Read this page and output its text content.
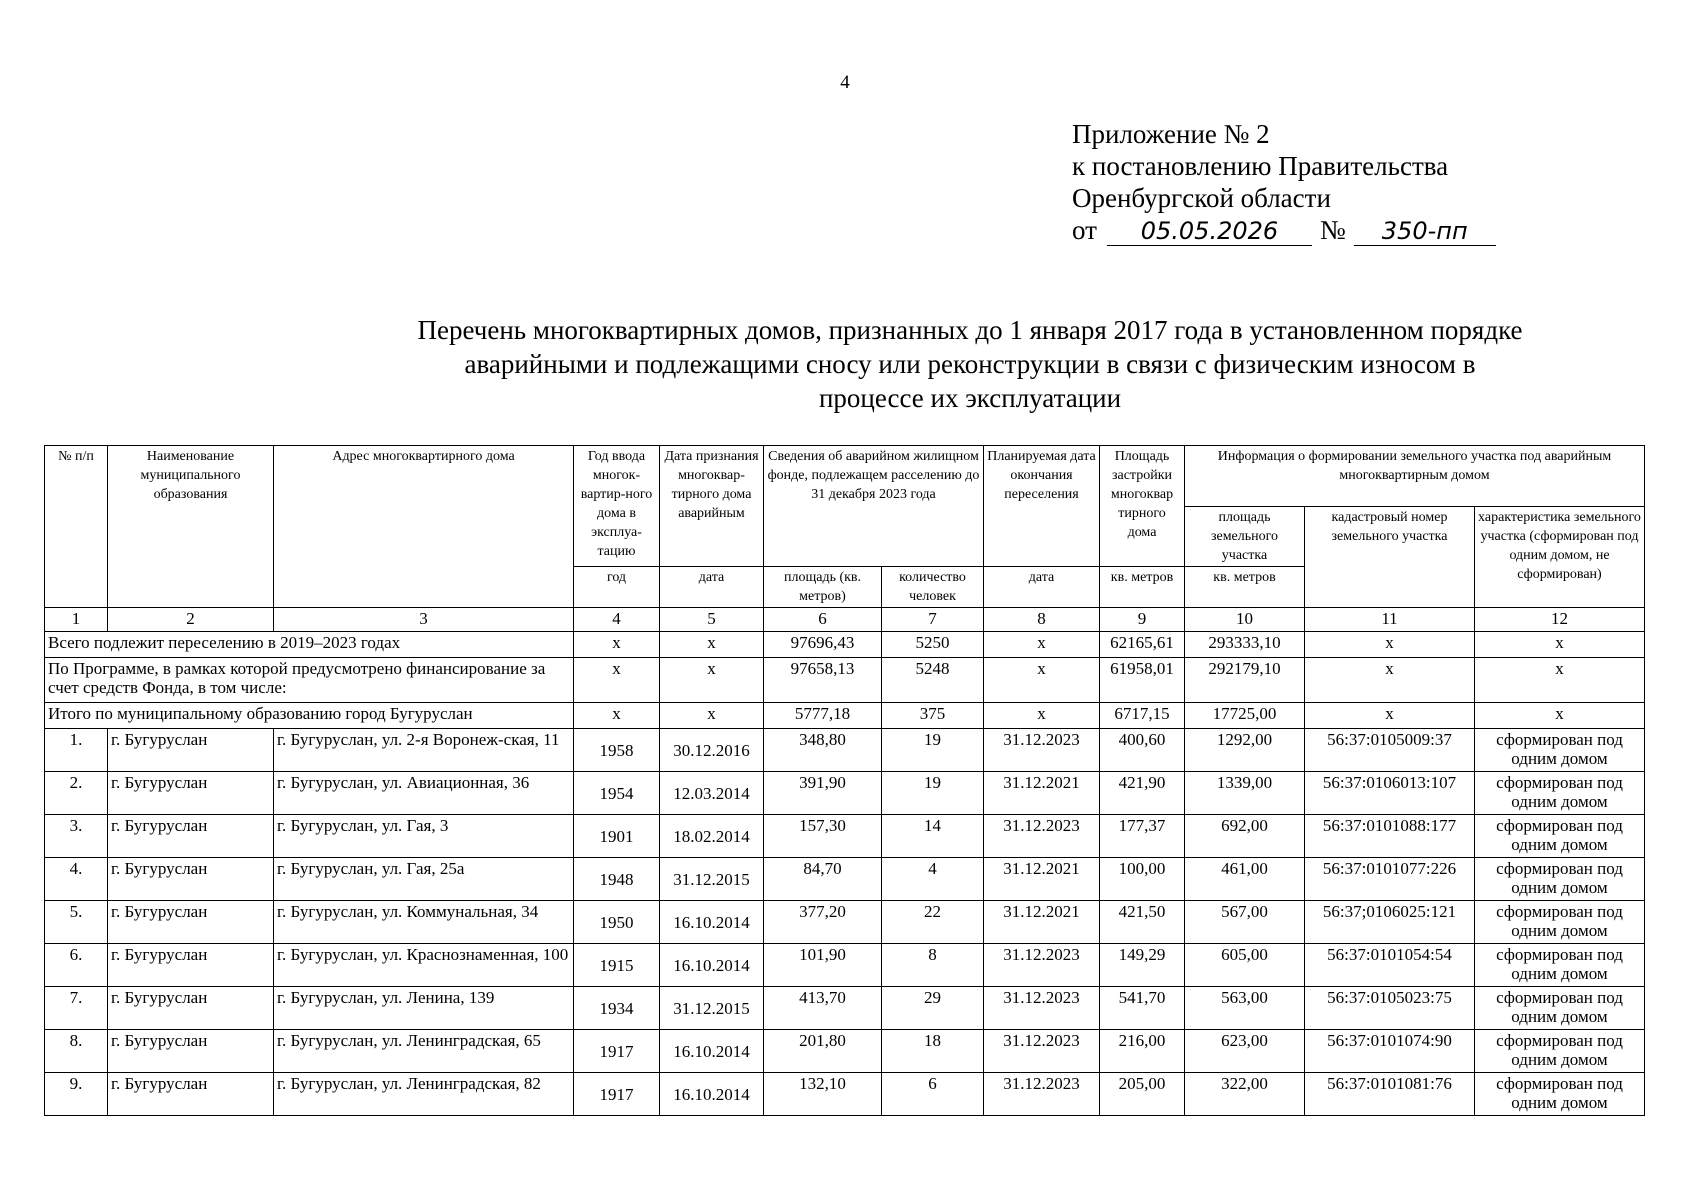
4
Приложение № 2
к постановлению Правительства
Оренбургской области
от	05.05.2026	№	350-пп
Перечень многоквартирных домов, признанных до 1 января 2017 года в установленном порядке
аварийными и подлежащими сносу или реконструкции в связи с физическим износом в
процессе их эксплуатации
№ п/п	Наименование муниципального образования	Адрес многоквартирного дома	Год ввода многок-вартир-ного дома в эксплуа-тацию	Дата признания многоквар-тирного дома аварийным	Сведения об аварийном жилищном фонде, подлежащем расселению до 31 декабря 2023 года		Планируемая дата окончания переселения	Площадь застройки многоквар тирного дома	Информация о формировании земельного участка под аварийным многоквартирным домом		
									площадь земельного участка	кадастровый номер земельного участка	характеристика земельного участка (сформирован под одним домом, не сформирован)
			год	дата	площадь (кв. метров)	количество человек	дата	кв. метров	кв. метров		
1	2	3	4	5	6	7	8	9	10	11	12
Всего подлежит переселению в 2019–2023 годах			х	х	97696,43	5250	х	62165,61	293333,10	х	х
По Программе, в рамках которой предусмотрено финансирование за счет средств Фонда, в том числе:			х	х	97658,13	5248	х	61958,01	292179,10	х	х
Итого по муниципальному образованию город Бугуруслан			х	х	5777,18	375	х	6717,15	17725,00	х	х
1.	г. Бугуруслан	г. Бугуруслан, ул. 2-я Воронеж-ская, 11	1958	30.12.2016	348,80	19	31.12.2023	400,60	1292,00	56:37:0105009:37	сформирован под одним домом
2.	г. Бугуруслан	г. Бугуруслан, ул. Авиационная, 36	1954	12.03.2014	391,90	19	31.12.2021	421,90	1339,00	56:37:0106013:107	сформирован под одним домом
3.	г. Бугуруслан	г. Бугуруслан, ул. Гая, 3	1901	18.02.2014	157,30	14	31.12.2023	177,37	692,00	56:37:0101088:177	сформирован под одним домом
4.	г. Бугуруслан	г. Бугуруслан, ул. Гая, 25а	1948	31.12.2015	84,70	4	31.12.2021	100,00	461,00	56:37:0101077:226	сформирован под одним домом
5.	г. Бугуруслан	г. Бугуруслан, ул. Коммунальная, 34	1950	16.10.2014	377,20	22	31.12.2021	421,50	567,00	56:37;0106025:121	сформирован под одним домом
6.	г. Бугуруслан	г. Бугуруслан, ул. Краснознаменная, 100	1915	16.10.2014	101,90	8	31.12.2023	149,29	605,00	56:37:0101054:54	сформирован под одним домом
7.	г. Бугуруслан	г. Бугуруслан, ул. Ленина, 139	1934	31.12.2015	413,70	29	31.12.2023	541,70	563,00	56:37:0105023:75	сформирован под одним домом
8.	г. Бугуруслан	г. Бугуруслан, ул. Ленинградская, 65	1917	16.10.2014	201,80	18	31.12.2023	216,00	623,00	56:37:0101074:90	сформирован под одним домом
9.	г. Бугуруслан	г. Бугуруслан, ул. Ленинградская, 82	1917	16.10.2014	132,10	6	31.12.2023	205,00	322,00	56:37:0101081:76	сформирован под одним домом
